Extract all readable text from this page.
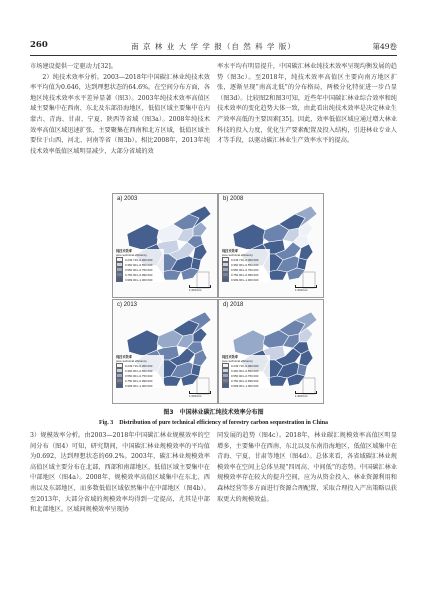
260	南 京 林 业 大 学 学 报（自 然 科 学 版）	第49卷

市场建设提供一定驱动力[32]。

2）纯技术效率分析。2003—2018年中国碳汇林业纯技术效率平均值为0.646，达到理想状态的64.6%。在空间分布方面，各地区纯技术效率水平差异显著（图3）。2003年纯技术效率高值区域主要集中在西南、东北及东部沿海地区，低值区域主要集中在内蒙古、青海、甘肃、宁夏、陕西等省域（图3a）。2008年纯技术效率高值区域迅速扩张，主要聚集在西南和北方区域，低值区域主要位于山西、河北、河南等省（图3b）。相比2008年，2013年纯技术效率低值区域明显减少，大部分省域的效

率水平均有明显提升，中国碳汇林业纯技术效率呈现均衡发展的趋势（图3c）。至2018年，纯技术效率高值区主要向南方地区扩张，逐渐呈现“南高北低”的分布格局，两极分化特征进一步凸显（图3d）。比较图2和图3可知，近些年中国碳汇林业综合效率和纯技术效率的变化趋势大体一致，由此看出纯技术效率是决定林业生产效率高低的主要因素[35]。因此，效率低值区域应通过增大林业科技的投入力度，优化生产要素配置及投入结构，引进林业专业人才等手段，以驱动碳汇林业生产效率水平的提高。

a) 2003
纯技术效率
pure technical efficiency
0.249 716–0.360 000
0.360 001–0.550 000
0.550 001–0.750 000
0.750 001–0.999 000
0.999 001–1.000 000
1 000 km
b) 2008
纯技术效率
pure technical efficiency
0.249 716–0.360 000
0.360 001–0.550 000
0.550 001–0.750 000
0.750 001–0.999 000
0.999 001–1.000 000
1 000 km
c) 2013
纯技术效率
pure technical efficiency
0.249 716–0.360 000
0.360 001–0.550 000
0.550 001–0.750 000
0.750 001–0.999 000
0.999 001–1.000 000
1 000 km
d) 2018
纯技术效率
pure technical efficiency
0.249 716–0.360 000
0.360 001–0.550 000
0.550 001–0.750 000
0.750 001–0.999 000
0.999 001–1.000 000
1 000 km
图3　中国林业碳汇纯技术效率分布图
Fig. 3　Distribution of pure technical efficiency of forestry carbon sequestration in China

3）规模效率分析。由2003—2018年中国碳汇林业规模效率的空间分布（图4）可知，研究期间，中国碳汇林业规模效率的平均值为0.692，达到理想状态的69.2%。2003年，碳汇林业规模效率高值区域主要分布在北部、西部和南部地区，低值区域主要集中在中部地区（图4a）。2008年，规模效率高值区域集中在东北、西南以及东部地区，而多数低值区域依然集中在中部地区（图4b）。至2013年，大部分省域的规模效率均得到一定提高，尤其是中部和北部地区。区域间规模效率呈现协

同发展的趋势（图4c）。2018年，林业碳汇规模效率高值区明显增多，主要集中在西南、东北以及东南沿海地区，低值区域集中在青海、宁夏、甘肃等地区（图4d）。总体来看，各省域碳汇林业规模效率在空间上总体呈现“四周高、中间低”的态势。中国碳汇林业规模效率存在较大的提升空间，应为从资金投入、林业资源利用和森林经营等多方面进行资源合理配置，采取合理投入产出策略以获取更大的规模效益。
